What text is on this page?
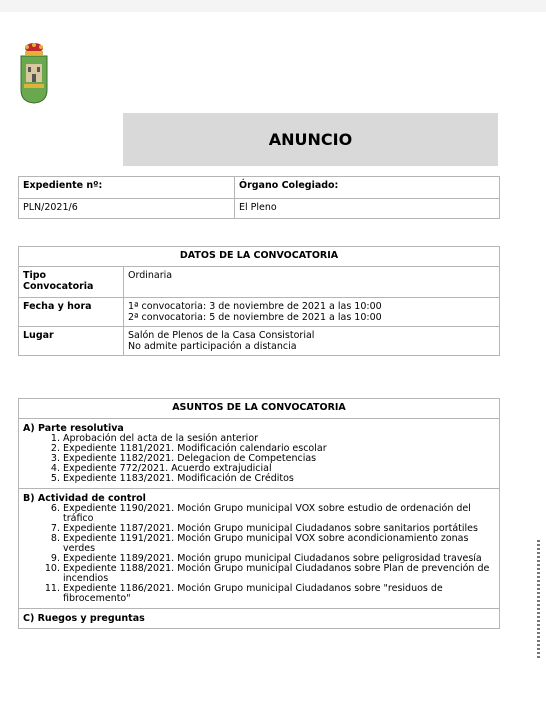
ANUNCIO
Expediente nº:	Órgano Colegiado:
PLN/2021/6	El Pleno
DATOS DE LA CONVOCATORIA	
Tipo Convocatoria	Ordinaria

Fecha y hora	1ª convocatoria: 3 de noviembre de 2021 a las 10:00
2ª convocatoria: 5 de noviembre de 2021 a las 10:00

Lugar	Salón de Plenos de la Casa Consistorial
No admite participación a distancia
ASUNTOS DE LA CONVOCATORIA

A) Parte resolutiva
1. Aprobación del acta de la sesión anterior
2. Expediente 1181/2021. Modificación calendario escolar
3. Expediente 1182/2021. Delegacion de Competencias
4. Expediente 772/2021. Acuerdo extrajudicial
5. Expediente 1183/2021. Modificación de Créditos

B) Actividad de control
6. Expediente 1190/2021. Moción Grupo municipal VOX sobre estudio de ordenación del tráfico
7. Expediente 1187/2021. Moción Grupo municipal Ciudadanos sobre sanitarios portátiles
8. Expediente 1191/2021. Moción Grupo municipal VOX sobre acondicionamiento zonas verdes
9. Expediente 1189/2021. Moción grupo municipal Ciudadanos sobre peligrosidad travesía
10. Expediente 1188/2021. Moción Grupo municipal Ciudadanos sobre Plan de prevención de incendios
11. Expediente 1186/2021. Moción Grupo municipal Ciudadanos sobre "residuos de fibrocemento"

C) Ruegos y preguntas
